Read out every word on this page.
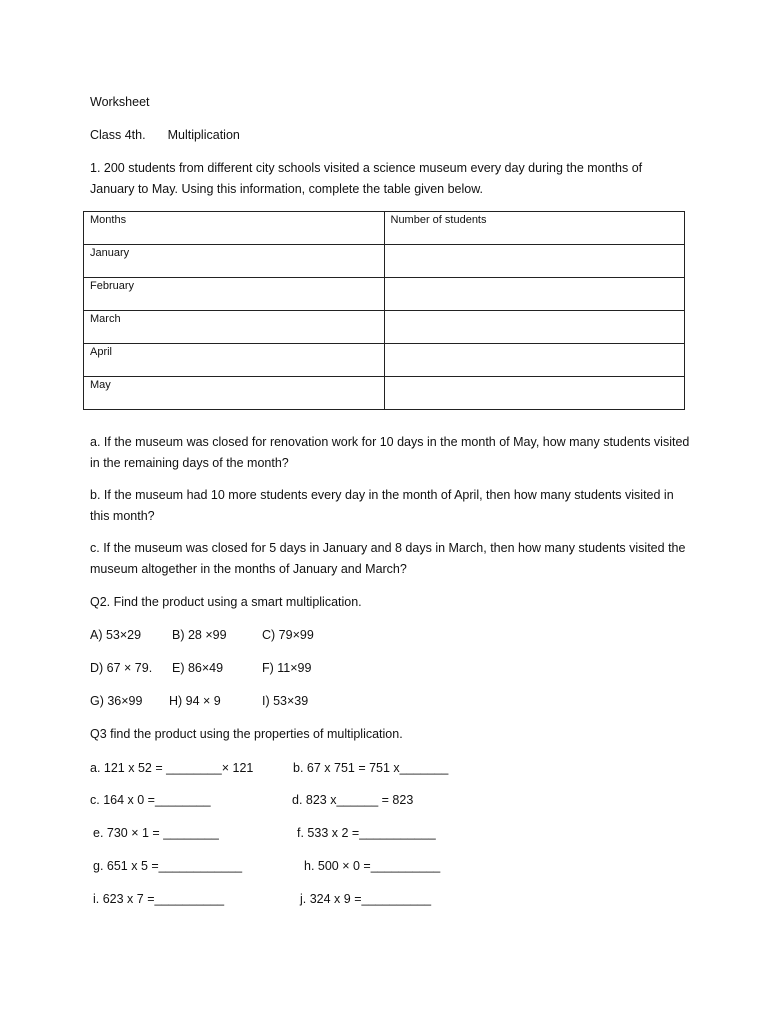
Worksheet
Class 4th. Multiplication
1. 200 students from different city schools visited a science museum every day during the months of January to May. Using this information, complete the table given below.
Months	Number of students
January	
February	
March	
April	
May	
a. If the museum was closed for renovation work for 10 days in the month of May, how many students visited in the remaining days of the month?
b. If the museum had 10 more students every day in the month of April, then how many students visited in this month?
c. If the museum was closed for 5 days in January and 8 days in March, then how many students visited the museum altogether in the months of January and March?
Q2. Find the product using a smart multiplication.
A) 53×29 B) 28 ×99	C) 79×99
D) 67 × 79. E) 86×49	F) 11×99
G) 36×99 H) 94 × 9	I) 53×39
Q3 find the product using the properties of multiplication.
a. 121 x 52 = ________× 121	b. 67 x 751 = 751 x_______
c. 164 x 0 =________	d. 823 x______ = 823
e. 730 × 1 = ________	f. 533 x 2 =___________
g. 651 x 5 =____________	h. 500 × 0 =__________
i. 623 x 7 =__________	j. 324 x 9 =__________
